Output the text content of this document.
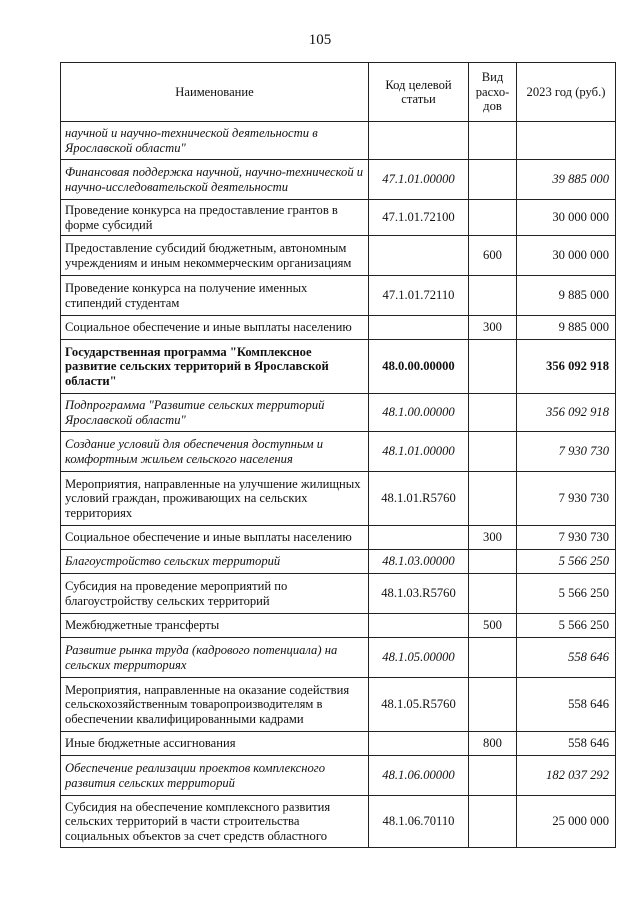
105
Наименование	Код целевой статьи	Вид расхо-дов	2023 год (руб.)
научной и научно-технической деятельности в Ярославской области"			
Финансовая поддержка научной, научно-технической и научно-исследовательской деятельности	47.1.01.00000		39 885 000
Проведение конкурса на предоставление грантов в форме субсидий	47.1.01.72100		30 000 000
Предоставление субсидий бюджетным, автономным учреждениям и иным некоммерческим организациям		600	30 000 000
Проведение конкурса на получение именных стипендий студентам	47.1.01.72110		9 885 000
Социальное обеспечение и иные выплаты населению		300	9 885 000
Государственная программа "Комплексное развитие сельских территорий в Ярославской области"	48.0.00.00000		356 092 918
Подпрограмма "Развитие сельских территорий Ярославской области"	48.1.00.00000		356 092 918
Создание условий для обеспечения доступным и комфортным жильем сельского населения	48.1.01.00000		7 930 730
Мероприятия, направленные на улучшение жилищных условий граждан, проживающих на сельских территориях	48.1.01.R5760		7 930 730
Социальное обеспечение и иные выплаты населению		300	7 930 730
Благоустройство сельских территорий	48.1.03.00000		5 566 250
Субсидия на проведение мероприятий по благоустройству сельских территорий	48.1.03.R5760		5 566 250
Межбюджетные трансферты		500	5 566 250
Развитие рынка труда (кадрового потенциала) на сельских территориях	48.1.05.00000		558 646
Мероприятия, направленные на оказание содействия сельскохозяйственным товаропроизводителям в обеспечении квалифицированными кадрами	48.1.05.R5760		558 646
Иные бюджетные ассигнования		800	558 646
Обеспечение реализации проектов комплексного развития сельских территорий	48.1.06.00000		182 037 292
Субсидия на обеспечение комплексного развития сельских территорий в части строительства социальных объектов за счет средств областного	48.1.06.70110		25 000 000
